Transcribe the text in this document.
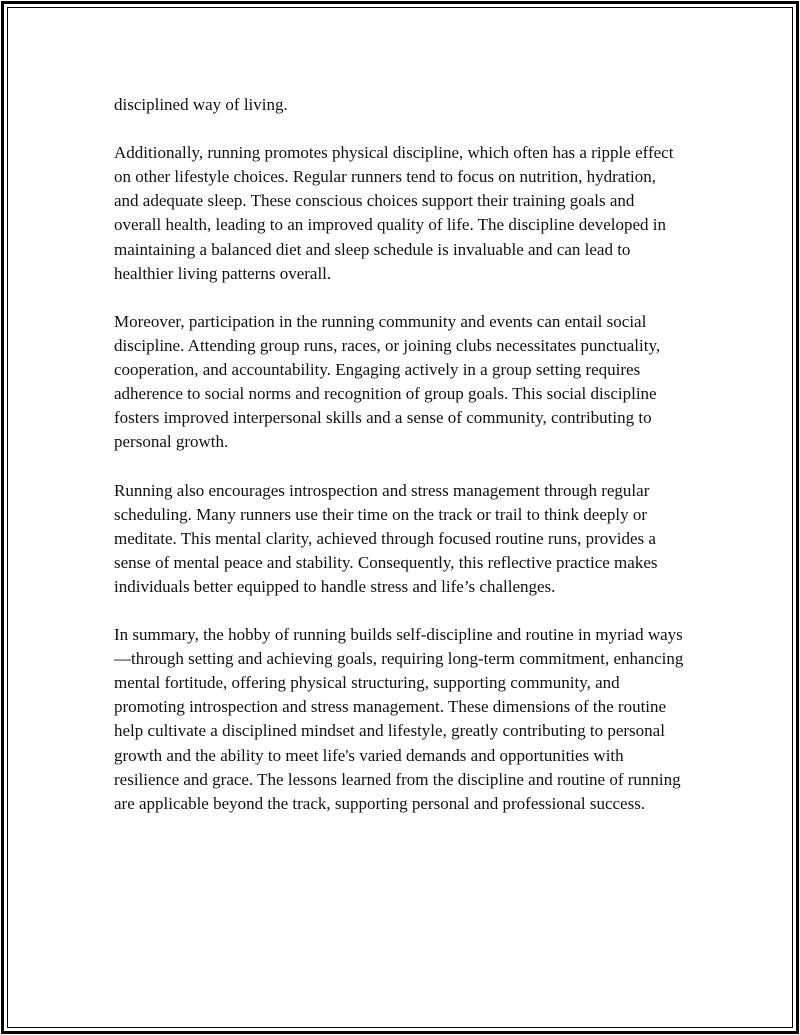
disciplined way of living.

Additionally, running promotes physical discipline, which often has a ripple effect on other lifestyle choices. Regular runners tend to focus on nutrition, hydration, and adequate sleep. These conscious choices support their training goals and overall health, leading to an improved quality of life. The discipline developed in maintaining a balanced diet and sleep schedule is invaluable and can lead to healthier living patterns overall.

Moreover, participation in the running community and events can entail social discipline. Attending group runs, races, or joining clubs necessitates punctuality, cooperation, and accountability. Engaging actively in a group setting requires adherence to social norms and recognition of group goals. This social discipline fosters improved interpersonal skills and a sense of community, contributing to personal growth.

Running also encourages introspection and stress management through regular scheduling. Many runners use their time on the track or trail to think deeply or meditate. This mental clarity, achieved through focused routine runs, provides a sense of mental peace and stability. Consequently, this reflective practice makes individuals better equipped to handle stress and life’s challenges.

In summary, the hobby of running builds self-discipline and routine in myriad ways—through setting and achieving goals, requiring long-term commitment, enhancing mental fortitude, offering physical structuring, supporting community, and promoting introspection and stress management. These dimensions of the routine help cultivate a disciplined mindset and lifestyle, greatly contributing to personal growth and the ability to meet life's varied demands and opportunities with resilience and grace. The lessons learned from the discipline and routine of running are applicable beyond the track, supporting personal and professional success.
